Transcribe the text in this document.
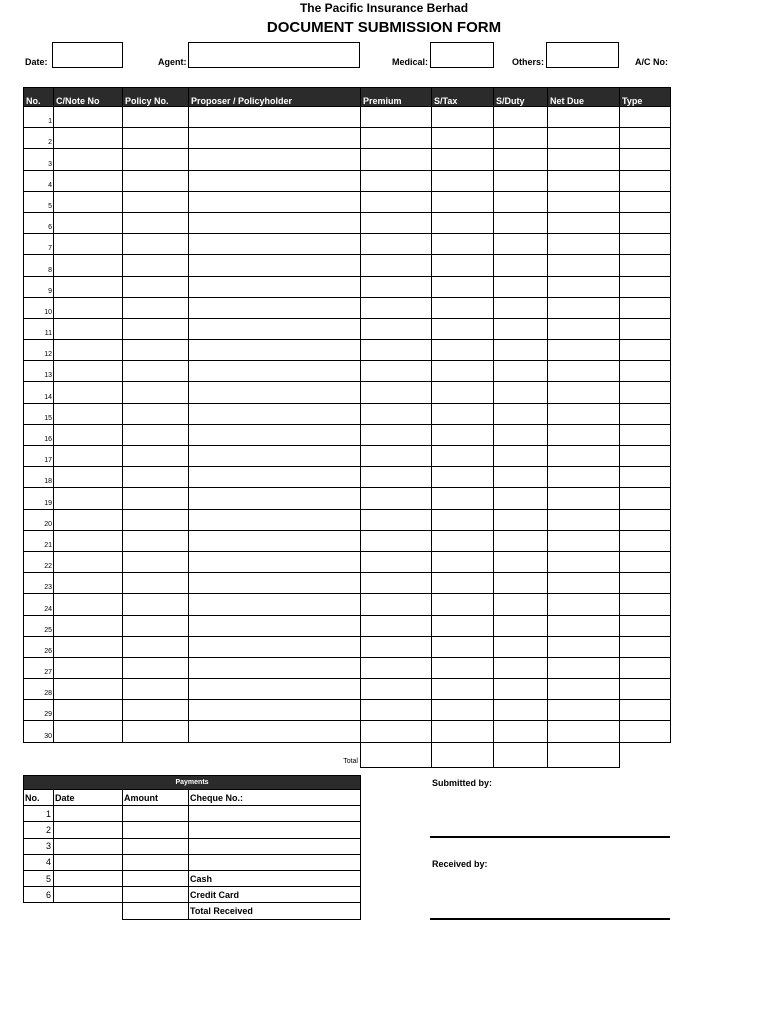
The Pacific Insurance Berhad
DOCUMENT SUBMISSION FORM
Date:	Agent:	Medical:	Others:	A/C No:
No.	C/Note No	Policy No.	Proposer / Policyholder	Premium	S/Tax	S/Duty	Net Due	Type
1								
2								
3								
4								
5								
6								
7								
8								
9								
10								
11								
12								
13								
14								
15								
16								
17								
18								
19								
20								
21								
22								
23								
24								
25								
26								
27								
28								
29								
30								
Total								
Payments			
No.	Date	Amount	Cheque No.:
1			
2			
3			
4			
5			Cash
6			Credit Card
			Total Received
Submitted by:
Received by:
